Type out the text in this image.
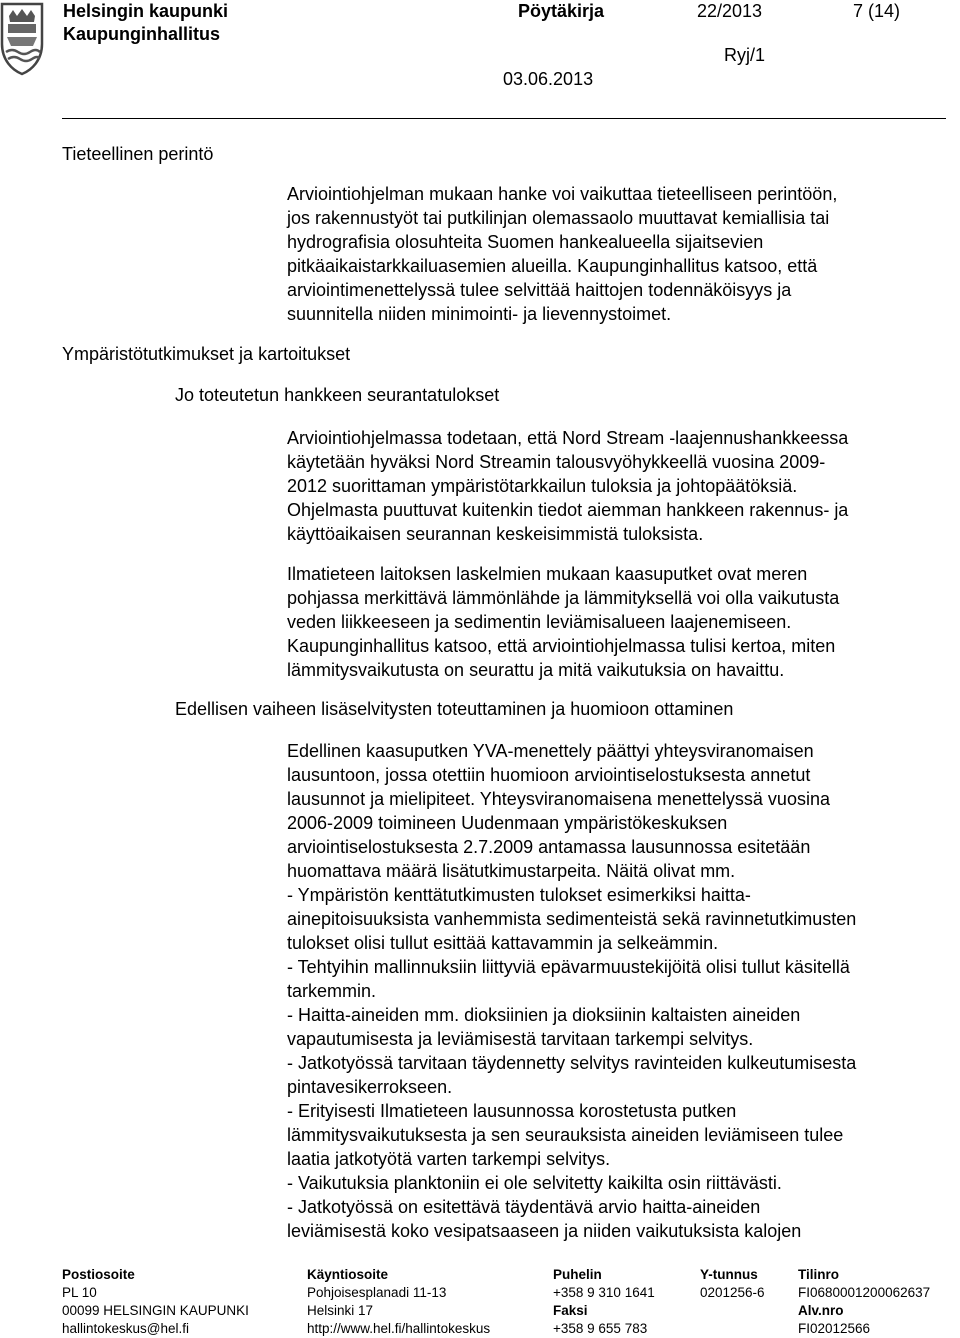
Helsingin kaupunki
Kaupunginhallitus
Pöytäkirja	22/2013	7 (14)
Ryj/1
03.06.2013
Tieteellinen perintö
Arviointiohjelman mukaan hanke voi vaikuttaa tieteelliseen perintöön,
jos rakennustyöt tai putkilinjan olemassaolo muuttavat kemiallisia tai
hydrografisia olosuhteita Suomen hankealueella sijaitsevien
pitkäaikaistarkkailuasemien alueilla. Kaupunginhallitus katsoo, että
arviointimenettelyssä tulee selvittää haittojen todennäköisyys ja
suunnitella niiden minimointi- ja lievennystoimet.
Ympäristötutkimukset ja kartoitukset
Jo toteutetun hankkeen seurantatulokset
Arviointiohjelmassa todetaan, että Nord Stream -laajennushankkeessa
käytetään hyväksi Nord Streamin talousvyöhykkeellä vuosina 2009-
2012 suorittaman ympäristötarkkailun tuloksia ja johtopäätöksiä.
Ohjelmasta puuttuvat kuitenkin tiedot aiemman hankkeen rakennus- ja
käyttöaikaisen seurannan keskeisimmistä tuloksista.
Ilmatieteen laitoksen laskelmien mukaan kaasuputket ovat meren
pohjassa merkittävä lämmönlähde ja lämmityksellä voi olla vaikutusta
veden liikkeeseen ja sedimentin leviämisalueen laajenemiseen.
Kaupunginhallitus katsoo, että arviointiohjelmassa tulisi kertoa, miten
lämmitysvaikutusta on seurattu ja mitä vaikutuksia on havaittu.
Edellisen vaiheen lisäselvitysten toteuttaminen ja huomioon ottaminen
Edellinen kaasuputken YVA-menettely päättyi yhteysviranomaisen
lausuntoon, jossa otettiin huomioon arviointiselostuksesta annetut
lausunnot ja mielipiteet. Yhteysviranomaisena menettelyssä vuosina
2006-2009 toimineen Uudenmaan ympäristökeskuksen
arviointiselostuksesta 2.7.2009 antamassa lausunnossa esitetään
huomattava määrä lisätutkimustarpeita. Näitä olivat mm.
- Ympäristön kenttätutkimusten tulokset esimerkiksi haitta-
ainepitoisuuksista vanhemmista sedimenteistä sekä ravinnetutkimusten
tulokset olisi tullut esittää kattavammin ja selkeämmin.
- Tehtyihin mallinnuksiin liittyviä epävarmuustekijöitä olisi tullut käsitellä
tarkemmin.
- Haitta-aineiden mm. dioksiinien ja dioksiinin kaltaisten aineiden
vapautumisesta ja leviämisestä tarvitaan tarkempi selvitys.
- Jatkotyössä tarvitaan täydennetty selvitys ravinteiden kulkeutumisesta
pintavesikerrokseen.
- Erityisesti Ilmatieteen lausunnossa korostetusta putken
lämmitysvaikutuksesta ja sen seurauksista aineiden leviämiseen tulee
laatia jatkotyötä varten tarkempi selvitys.
- Vaikutuksia planktoniin ei ole selvitetty kaikilta osin riittävästi.
- Jatkotyössä on esitettävä täydentävä arvio haitta-aineiden
leviämisestä koko vesipatsaaseen ja niiden vaikutuksista kalojen
Postiosoite
PL 10
00099 HELSINGIN KAUPUNKI
hallintokeskus@hel.fi
Käyntiosoite
Pohjoisesplanadi 11-13
Helsinki 17
http://www.hel.fi/hallintokeskus
Puhelin
+358 9 310 1641
Faksi
+358 9 655 783
Y-tunnus
0201256-6
Tilinro
FI0680001200062637
Alv.nro
FI02012566
